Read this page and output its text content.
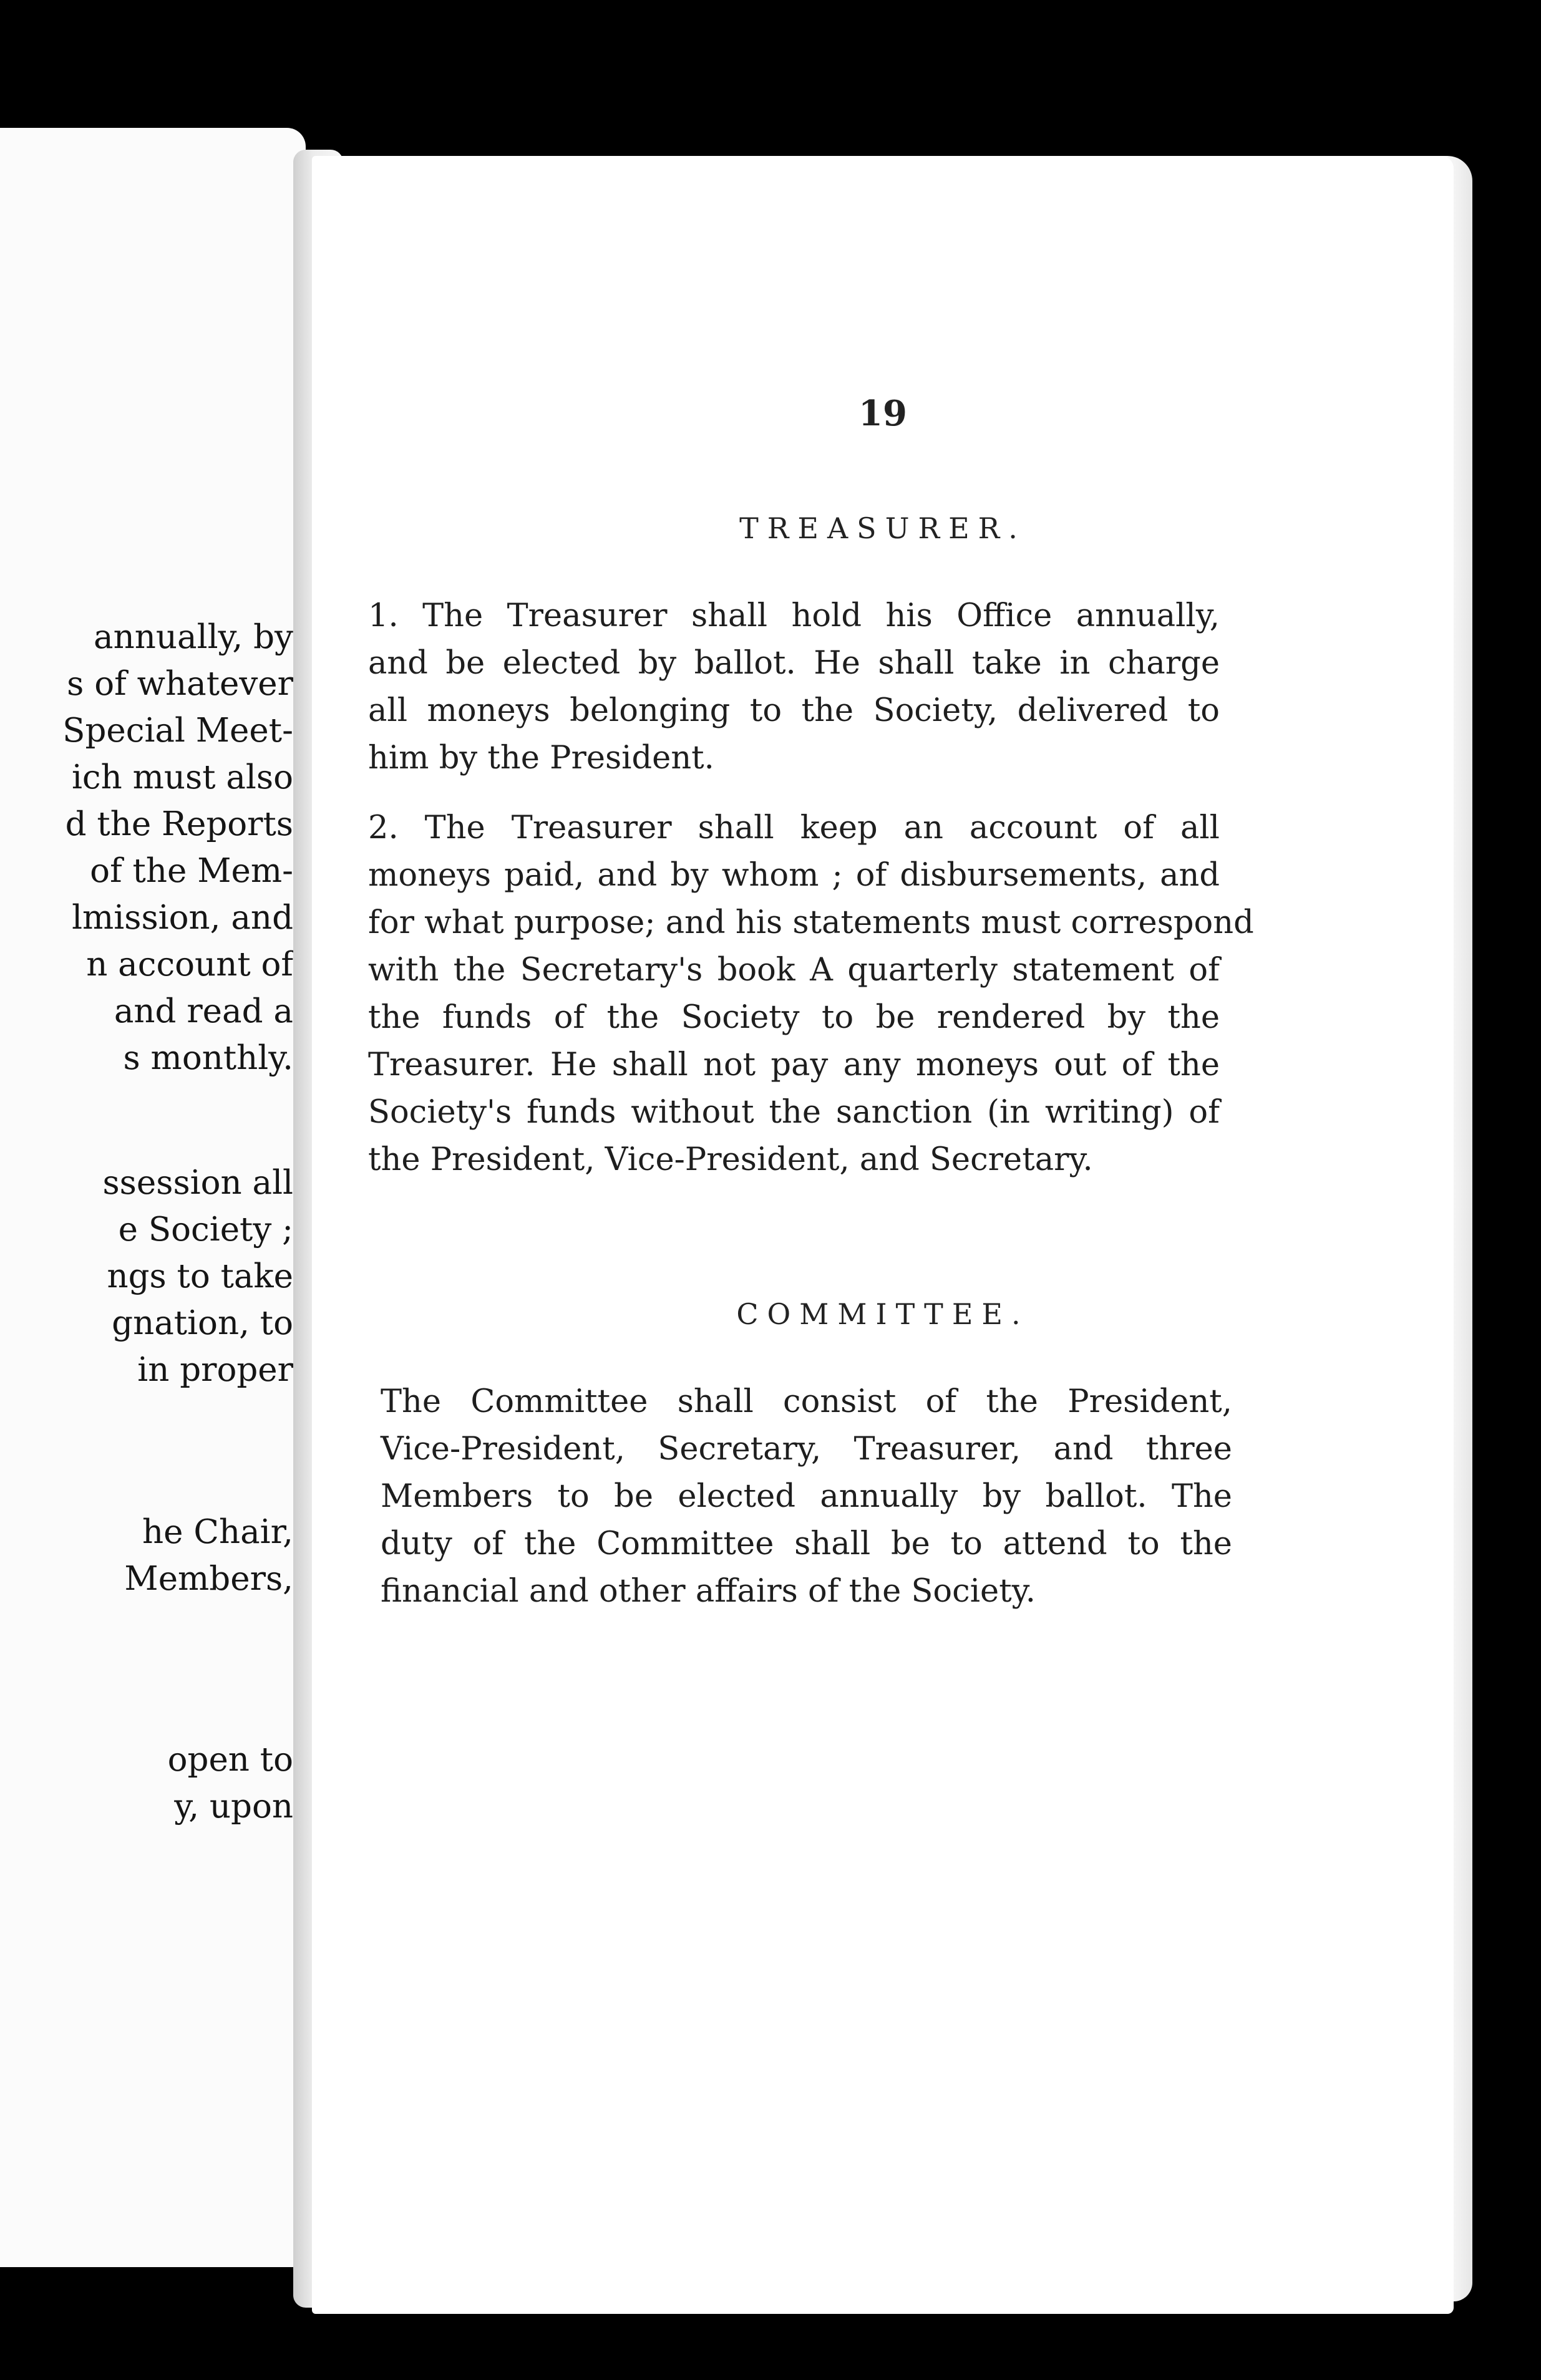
annually, by
s of whatever
Special Meet-
ich must also
d the Reports
of the Mem-
lmission, and
n account of
and read a
s monthly.
ssession all
e Society ;
ngs to take
gnation, to
in proper
he Chair,
Members,
open to
y, upon
19
TREASURER.

1. The Treasurer shall hold his Office annually,
and be elected by ballot. He shall take in charge
all moneys belonging to the Society, delivered to
him by the President.

2. The Treasurer shall keep an account of all
moneys paid, and by whom ; of disbursements, and
for what purpose; and his statements must correspond
with the Secretary's book A quarterly statement of
the funds of the Society to be rendered by the
Treasurer. He shall not pay any moneys out of the
Society's funds without the sanction (in writing) of
the President, Vice-President, and Secretary.

COMMITTEE.

The Committee shall consist of the President,
Vice-President, Secretary, Treasurer, and three
Members to be elected annually by ballot. The
duty of the Committee shall be to attend to the
financial and other affairs of the Society.
